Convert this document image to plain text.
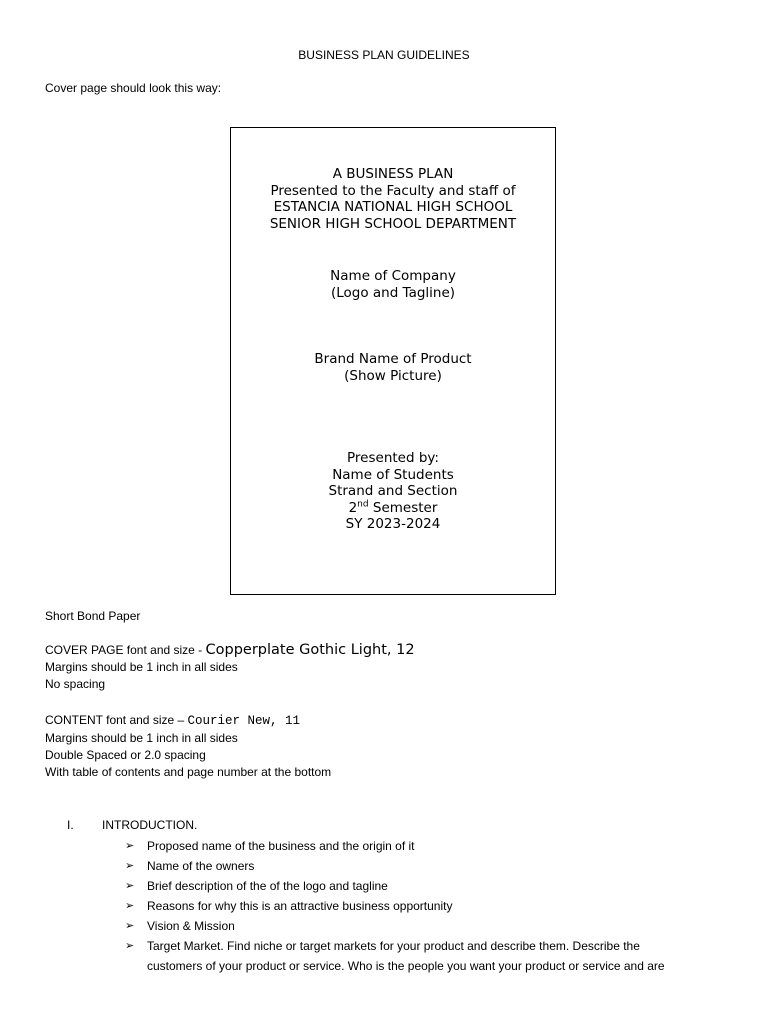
BUSINESS PLAN GUIDELINES
Cover page should look this way:
A BUSINESS PLAN
Presented to the Faculty and staff of
ESTANCIA NATIONAL HIGH SCHOOL
SENIOR HIGH SCHOOL DEPARTMENT
Name of Company
(Logo and Tagline)
Brand Name of Product
(Show Picture)
Presented by:
Name of Students
Strand and Section
2nd Semester
SY 2023-2024
Short Bond Paper
COVER PAGE font and size - Copperplate Gothic Light, 12
Margins should be 1 inch in all sides
No spacing
CONTENT font and size – Courier New, 11
Margins should be 1 inch in all sides
Double Spaced or 2.0 spacing
With table of contents and page number at the bottom
I. INTRODUCTION.
➢ Proposed name of the business and the origin of it
➢ Name of the owners
➢ Brief description of the of the logo and tagline
➢ Reasons for why this is an attractive business opportunity
➢ Vision & Mission
➢ Target Market. Find niche or target markets for your product and describe them. Describe the
customers of your product or service. Who is the people you want your product or service and are
